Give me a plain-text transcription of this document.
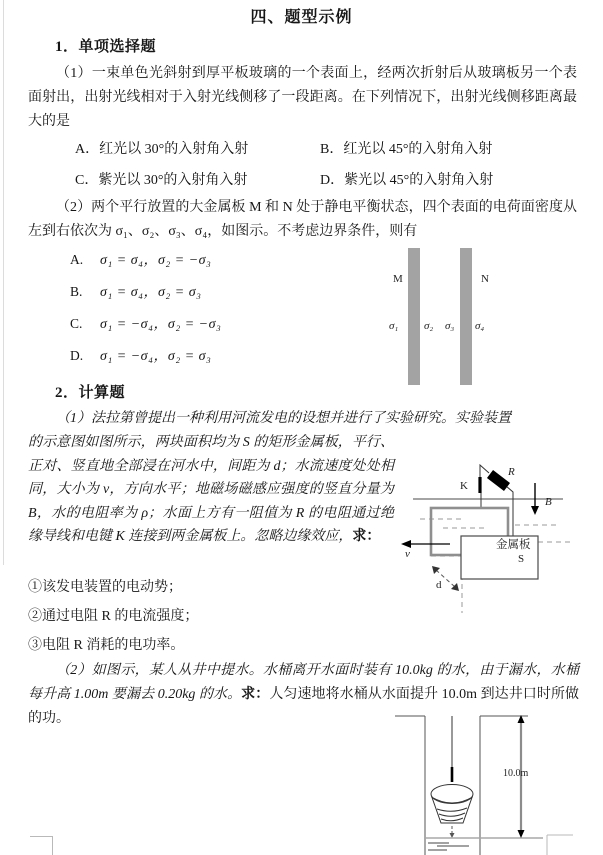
四、题型示例
1．单项选择题
（1）一束单色光斜射到厚平板玻璃的一个表面上，经两次折射后从玻璃板另一个表面射出，出射光线相对于入射光线侧移了一段距离。在下列情况下，出射光线侧移距离最大的是
A．红光以 30°的入射角入射	B．红光以 45°的入射角入射
C．紫光以 30°的入射角入射	D．紫光以 45°的入射角入射
（2）两个平行放置的大金属板 M 和 N 处于静电平衡状态，四个表面的电荷面密度从左到右依次为 σ₁、σ₂、σ₃、σ₄，如图示。不考虑边界条件，则有
A.	σ₁ = σ₄，σ₂ = −σ₃
B.	σ₁ = σ₄，σ₂ = σ₃
C.	σ₁ = −σ₄，σ₂ = −σ₃
D.	σ₁ = −σ₄，σ₂ = σ₃
M	N
σ₁ σ₂ σ₃ σ₄
2．计算题
（1）法拉第曾提出一种利用河流发电的设想并进行了实验研究。实验装置
的示意图如图所示，两块面积均为 S 的矩形金属板，平行、正对、竖直地全部浸在河水中，间距为 d；水流速度处处相同，大小为 v，方向水平；地磁场磁感应强度的竖直分量为 B，水的电阻率为 ρ；水面上方有一阻值为 R 的电阻通过绝缘导线和电键 K 连接到两金属板上。忽略边缘效应，求：

①该发电装置的电动势；

②通过电阻 R 的电流强度；

③电阻 R 消耗的电功率。

K
R
B
金属板
S
v
d
（2）如图示，某人从井中提水。水桶离开水面时装有 10.0kg 的水，由于漏水，水桶每升高 1.00m 要漏去 0.20kg 的水。求：人匀速地将水桶从水面提升 10.0m 到达井口时所做的功。
10.0m
